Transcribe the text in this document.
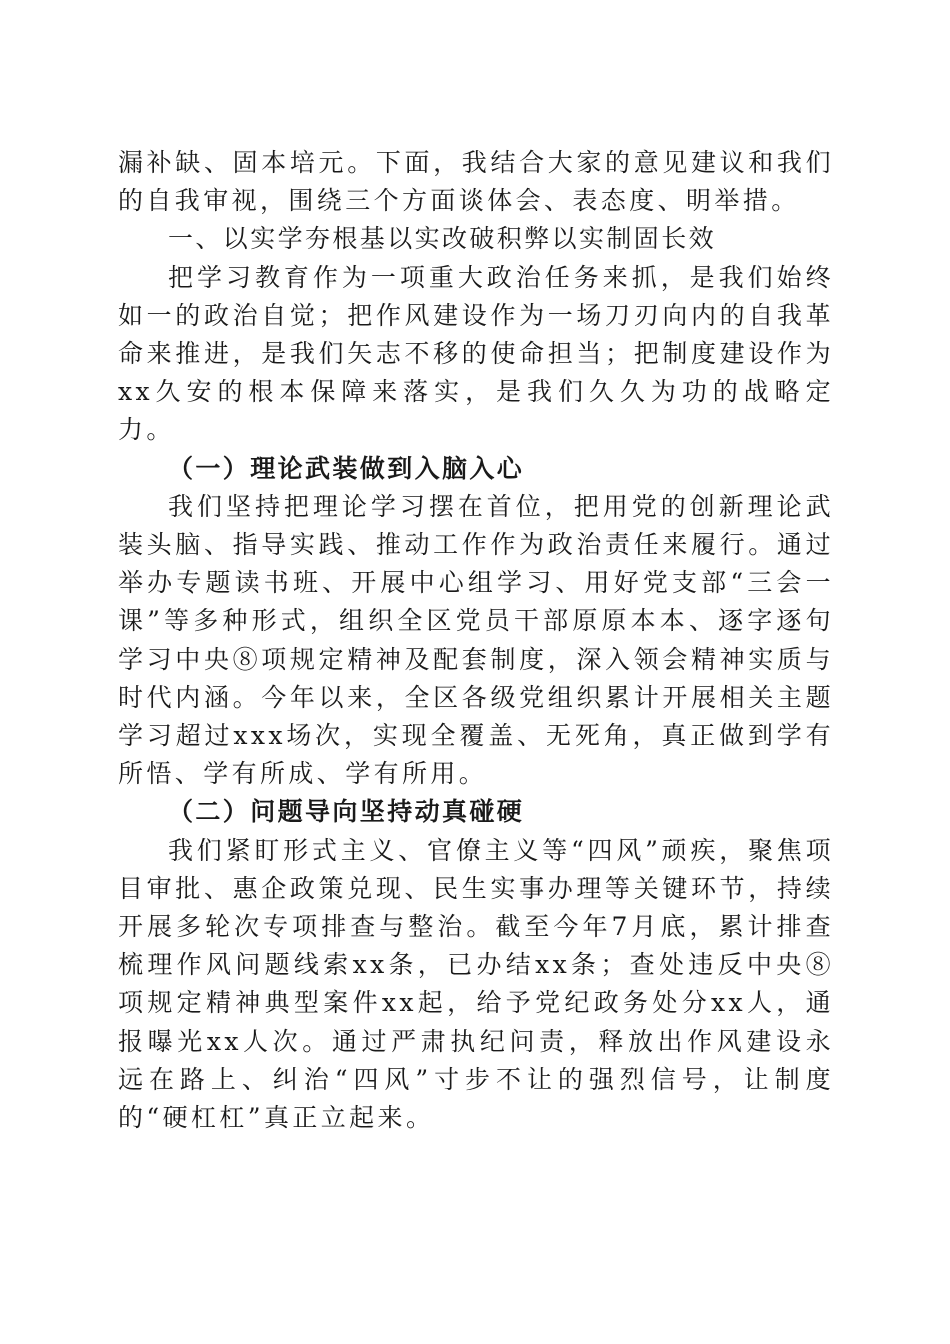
漏补缺、固本培元。下面，我结合大家的意见建议和我们的自我审视，围绕三个方面谈体会、表态度、明举措。

一、以实学夯根基以实改破积弊以实制固长效

把学习教育作为一项重大政治任务来抓，是我们始终如一的政治自觉；把作风建设作为一场刀刃向内的自我革命来推进，是我们矢志不移的使命担当；把制度建设作为xx久安的根本保障来落实，是我们久久为功的战略定力。

（一）理论武装做到入脑入心

我们坚持把理论学习摆在首位，把用党的创新理论武装头脑、指导实践、推动工作作为政治责任来履行。通过举办专题读书班、开展中心组学习、用好党支部“三会一课”等多种形式，组织全区党员干部原原本本、逐字逐句学习中央⑧项规定精神及配套制度，深入领会精神实质与时代内涵。今年以来，全区各级党组织累计开展相关主题学习超过xxx场次，实现全覆盖、无死角，真正做到学有所悟、学有所成、学有所用。

（二）问题导向坚持动真碰硬

我们紧盯形式主义、官僚主义等“四风”顽疾，聚焦项目审批、惠企政策兑现、民生实事办理等关键环节，持续开展多轮次专项排查与整治。截至今年7月底，累计排查梳理作风问题线索xx条，已办结xx条；查处违反中央⑧项规定精神典型案件xx起，给予党纪政务处分xx人，通报曝光xx人次。通过严肃执纪问责，释放出作风建设永远在路上、纠治“四风”寸步不让的强烈信号，让制度的“硬杠杠”真正立起来。
